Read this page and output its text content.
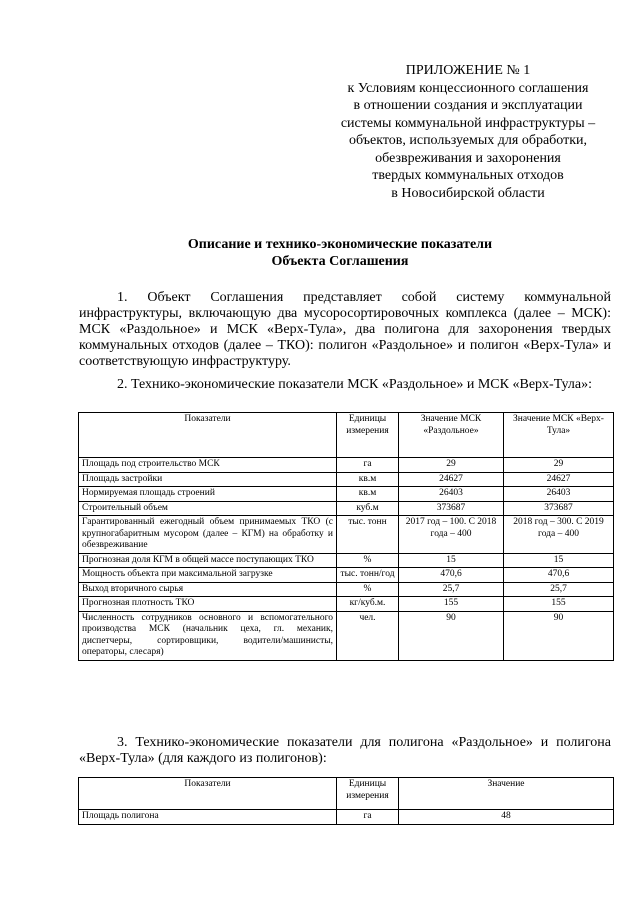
ПРИЛОЖЕНИЕ № 1
к Условиям концессионного соглашения
в отношении создания и эксплуатации
системы коммунальной инфраструктуры –
объектов, используемых для обработки,
обезвреживания и захоронения
твердых коммунальных отходов
в Новосибирской области
Описание и технико-экономические показатели
Объекта Соглашения
1. Объект Соглашения представляет собой систему коммунальной инфраструктуры, включающую два мусоросортировочных комплекса (далее – МСК): МСК «Раздольное» и МСК «Верх-Тула», два полигона для захоронения твердых коммунальных отходов (далее – ТКО): полигон «Раздольное» и полигон «Верх-Тула» и соответствующую инфраструктуру.
2. Технико-экономические показатели МСК «Раздольное» и МСК «Верх-Тула»:
Показатели	Единицы измерения	Значение МСК «Раздольное»	Значение МСК «Верх-Тула»
Площадь под строительство МСК	га	29	29
Площадь застройки	кв.м	24627	24627
Нормируемая площадь строений	кв.м	26403	26403
Строительный объем	куб.м	373687	373687
Гарантированный ежегодный объем принимаемых ТКО (с крупногабаритным мусором (далее – КГМ) на обработку и обезвреживание	тыс. тонн	2017 год – 100. С 2018 года – 400	2018 год – 300. С 2019 года – 400
Прогнозная доля КГМ в общей массе поступающих ТКО	%	15	15
Мощность объекта при максимальной загрузке	тыс. тонн/год	470,6	470,6
Выход вторичного сырья	%	25,7	25,7
Прогнозная плотность ТКО	кг/куб.м.	155	155
Численность сотрудников основного и вспомогательного производства МСК (начальник цеха, гл. механик, диспетчеры, сортировщики, водители/машинисты, операторы, слесаря)	чел.	90	90
3. Технико-экономические показатели для полигона «Раздольное» и полигона «Верх-Тула» (для каждого из полигонов):
Показатели	Единицы измерения	Значение
Площадь полигона	га	48
